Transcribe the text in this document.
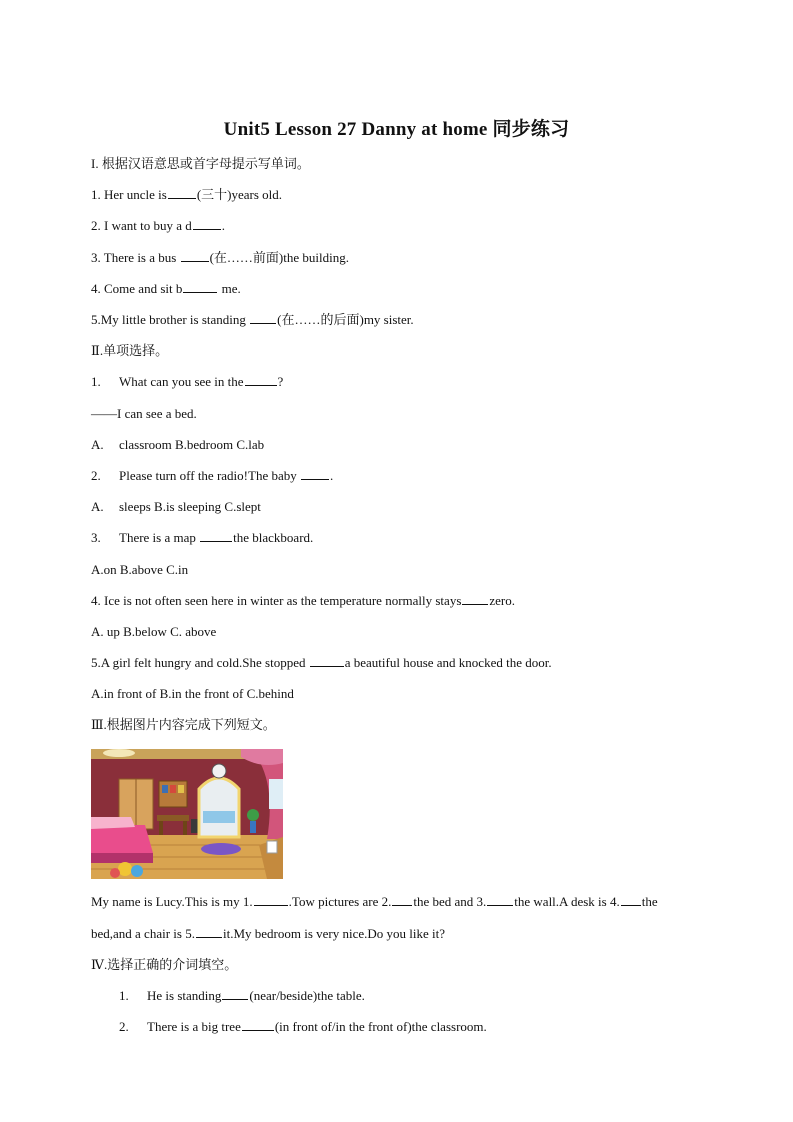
Unit5 Lesson 27 Danny at home 同步练习
I. 根据汉语意思或首字母提示写单词。
1. Her uncle is (三十)years old.
2. I want to buy a d .
3. There is a bus (在……前面)the building.
4. Come and sit b	me.
5.My little brother is standing (在……的后面)my sister.
Ⅱ.单项选择。
1. What can you see in the	?
——I can see a bed.
A. classroom B.bedroom C.lab
2. Please turn off the radio!The baby .
A. sleeps B.is sleeping C.slept
3. There is a map	the blackboard.
A.on B.above C.in
4. Ice is not often seen here in winter as the temperature normally stays zero.
A. up B.below C. above
5.A girl felt hungry and cold.She stopped	a beautiful house and knocked the door.
A.in front of B.in the front of C.behind
Ⅲ.根据图片内容完成下列短文。
My name is Lucy.This is my 1.	.Tow pictures are 2. the bed and 3. the wall.A desk is 4. the
bed,and a chair is 5. it.My bedroom is very nice.Do you like it?
Ⅳ.选择正确的介词填空。
1. He is standing (near/beside)the table.
2. There is a big tree	(in front of/in the front of)the classroom.
